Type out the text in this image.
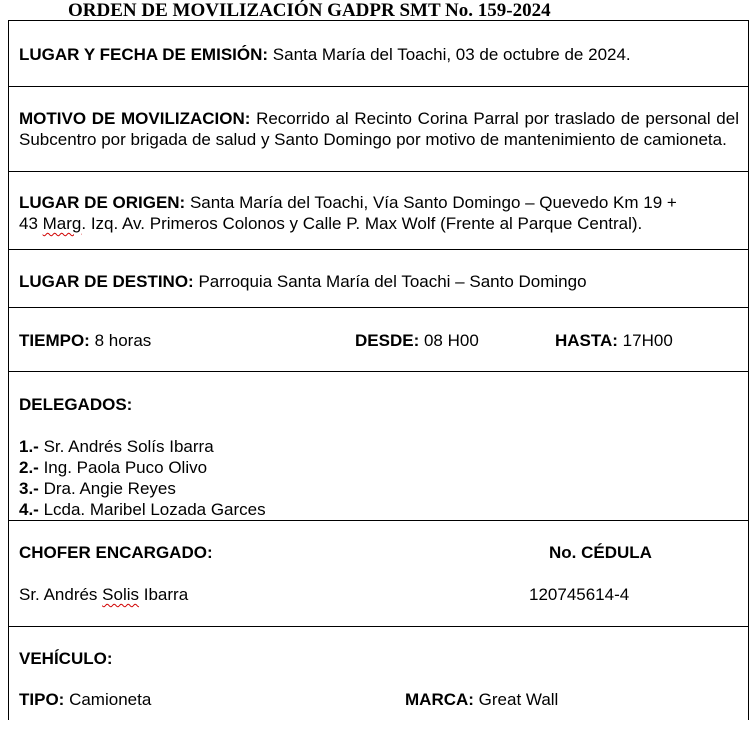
ORDEN DE MOVILIZACIÓN GADPR SMT No. 159-2024
LUGAR Y FECHA DE EMISIÓN: Santa María del Toachi, 03 de octubre de 2024.
MOTIVO DE MOVILIZACION: Recorrido al Recinto Corina Parral por traslado de personal del Subcentro por brigada de salud y Santo Domingo por motivo de mantenimiento de camioneta.
LUGAR DE ORIGEN: Santa María del Toachi, Vía Santo Domingo – Quevedo Km 19 +
43 Marg. Izq. Av. Primeros Colonos y Calle P. Max Wolf (Frente al Parque Central).
LUGAR DE DESTINO: Parroquia Santa María del Toachi – Santo Domingo
TIEMPO: 8 horas	DESDE: 08 H00	HASTA: 17H00
DELEGADOS:
1.- Sr. Andrés Solís Ibarra
2.- Ing. Paola Puco Olivo
3.- Dra. Angie Reyes
4.- Lcda. Maribel Lozada Garces
CHOFER ENCARGADO:	No. CÉDULA
Sr. Andrés Solis Ibarra	120745614-4
VEHÍCULO:
TIPO: Camioneta	MARCA: Great Wall
